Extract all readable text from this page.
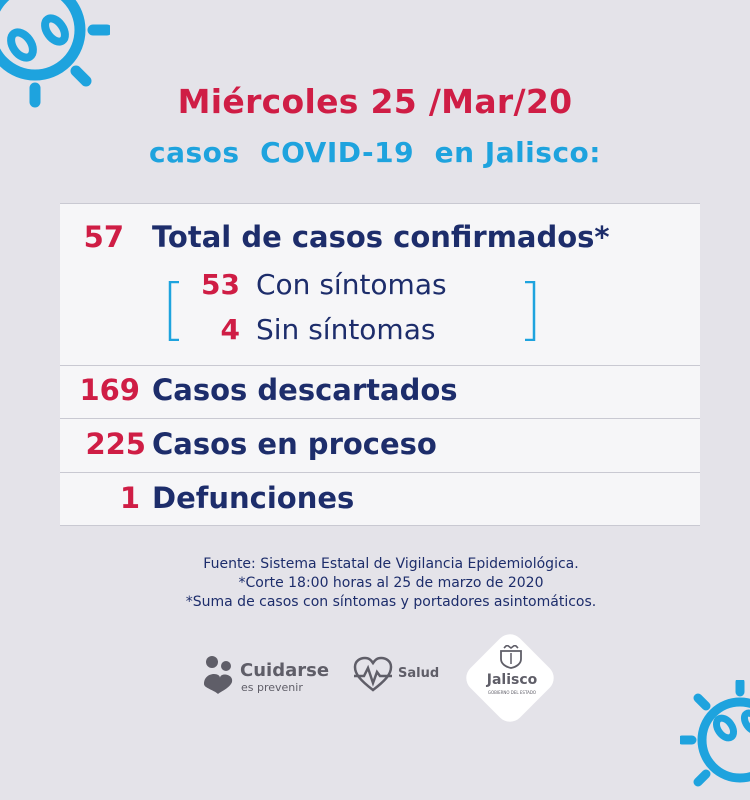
Miércoles 25 /Mar/20
casos  COVID-19  en Jalisco:
57 Total de casos confirmados*
53 Con síntomas
4 Sin síntomas
169 Casos descartados
225 Casos en proceso
1 Defunciones
Fuente: Sistema Estatal de Vigilancia Epidemiológica.
*Corte 18:00 horas al 25 de marzo de 2020
*Suma de casos con síntomas y portadores asintomáticos.
Cuidarse
es prevenir
Salud	Jalisco
GOBIERNO DEL ESTADO
